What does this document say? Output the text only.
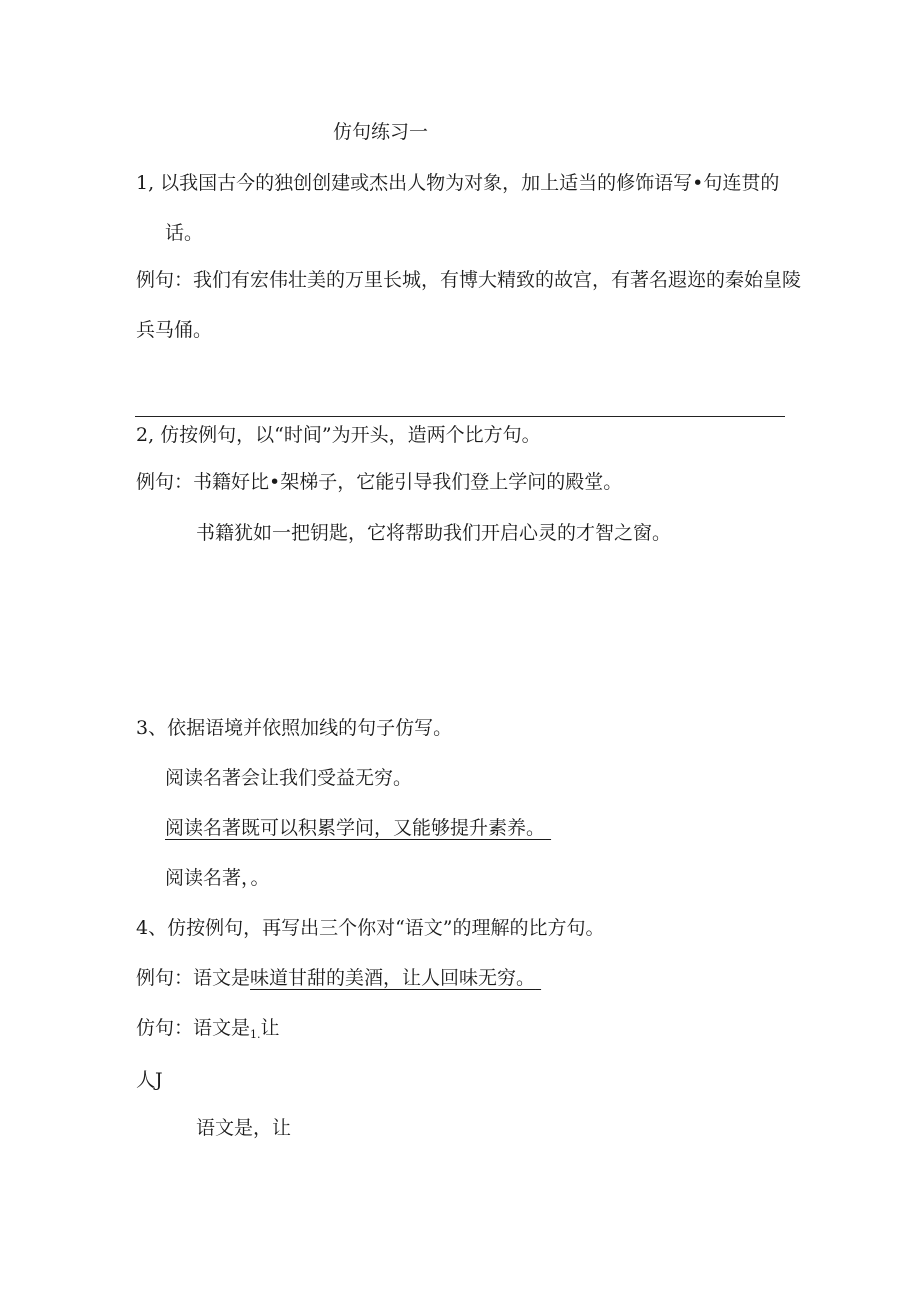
仿句练习一
1, 以我国古今的独创创建或杰出人物为对象，加上适当的修饰语写•句连贯的
话。
例句：我们有宏伟壮美的万里长城，有博大精致的故宫，有著名遐迩的秦始皇陵
兵马俑。
2, 仿按例句，以“时间”为开头，造两个比方句。
例句：书籍好比•架梯子，它能引导我们登上学问的殿堂。
书籍犹如一把钥匙，它将帮助我们开启心灵的才智之窗。
3、依据语境并依照加线的句子仿写。
阅读名著会让我们受益无穷。
阅读名著既可以积累学问，又能够提升素养。
阅读名著，。
4、仿按例句，再写出三个你对“语文”的理解的比方句。
例句：语文是味道甘甜的美酒，让人回味无穷。
仿句：语文是$_{1.}$让
人J
语文是，让
